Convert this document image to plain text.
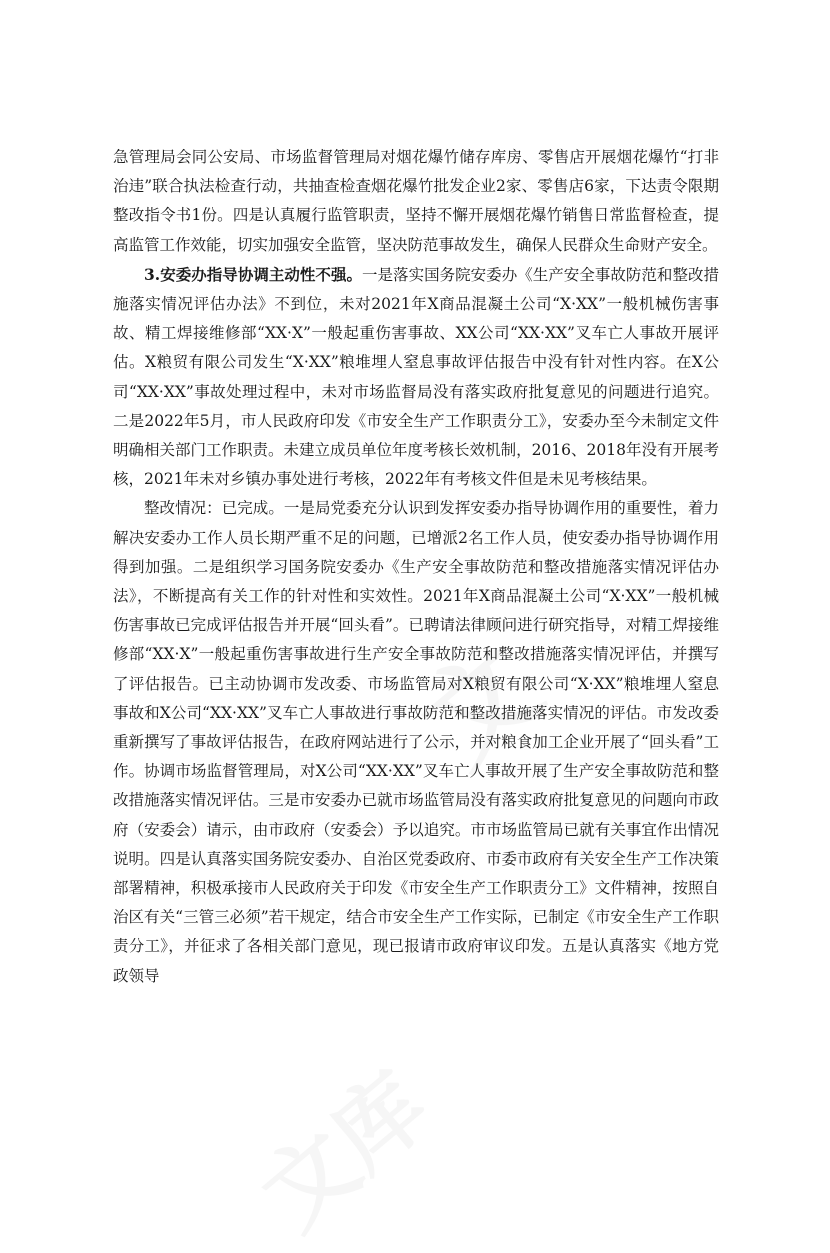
急管理局会同公安局、市场监督管理局对烟花爆竹储存库房、零售店开展烟花爆竹“打非治违”联合执法检查行动，共抽查检查烟花爆竹批发企业2家、零售店6家，下达责令限期整改指令书1份。四是认真履行监管职责，坚持不懈开展烟花爆竹销售日常监督检查，提高监管工作效能，切实加强安全监管，坚决防范事故发生，确保人民群众生命财产安全。

3.安委办指导协调主动性不强。一是落实国务院安委办《生产安全事故防范和整改措施落实情况评估办法》不到位，未对2021年X商品混凝土公司“X·XX”一般机械伤害事故、精工焊接维修部“XX·X”一般起重伤害事故、XX公司“XX·XX”叉车亡人事故开展评估。X粮贸有限公司发生“X·XX”粮堆埋人窒息事故评估报告中没有针对性内容。在X公司“XX·XX”事故处理过程中，未对市场监督局没有落实政府批复意见的问题进行追究。二是2022年5月，市人民政府印发《市安全生产工作职责分工》，安委办至今未制定文件明确相关部门工作职责。未建立成员单位年度考核长效机制，2016、2018年没有开展考核，2021年未对乡镇办事处进行考核，2022年有考核文件但是未见考核结果。

整改情况：已完成。一是局党委充分认识到发挥安委办指导协调作用的重要性，着力解决安委办工作人员长期严重不足的问题，已增派2名工作人员，使安委办指导协调作用得到加强。二是组织学习国务院安委办《生产安全事故防范和整改措施落实情况评估办法》，不断提高有关工作的针对性和实效性。2021年X商品混凝土公司“X·XX”一般机械伤害事故已完成评估报告并开展“回头看”。已聘请法律顾问进行研究指导，对精工焊接维修部“XX·X”一般起重伤害事故进行生产安全事故防范和整改措施落实情况评估，并撰写了评估报告。已主动协调市发改委、市场监管局对X粮贸有限公司“X·XX”粮堆埋人窒息事故和X公司“XX·XX”叉车亡人事故进行事故防范和整改措施落实情况的评估。市发改委重新撰写了事故评估报告，在政府网站进行了公示，并对粮食加工企业开展了“回头看”工作。协调市场监督管理局，对X公司“XX·XX”叉车亡人事故开展了生产安全事故防范和整改措施落实情况评估。三是市安委办已就市场监管局没有落实政府批复意见的问题向市政府（安委会）请示，由市政府（安委会）予以追究。市市场监管局已就有关事宜作出情况说明。四是认真落实国务院安委办、自治区党委政府、市委市政府有关安全生产工作决策部署精神，积极承接市人民政府关于印发《市安全生产工作职责分工》文件精神，按照自治区有关“三管三必须”若干规定，结合市安全生产工作实际，已制定《市安全生产工作职责分工》，并征求了各相关部门意见，现已报请市政府审议印发。五是认真落实《地方党政领导
